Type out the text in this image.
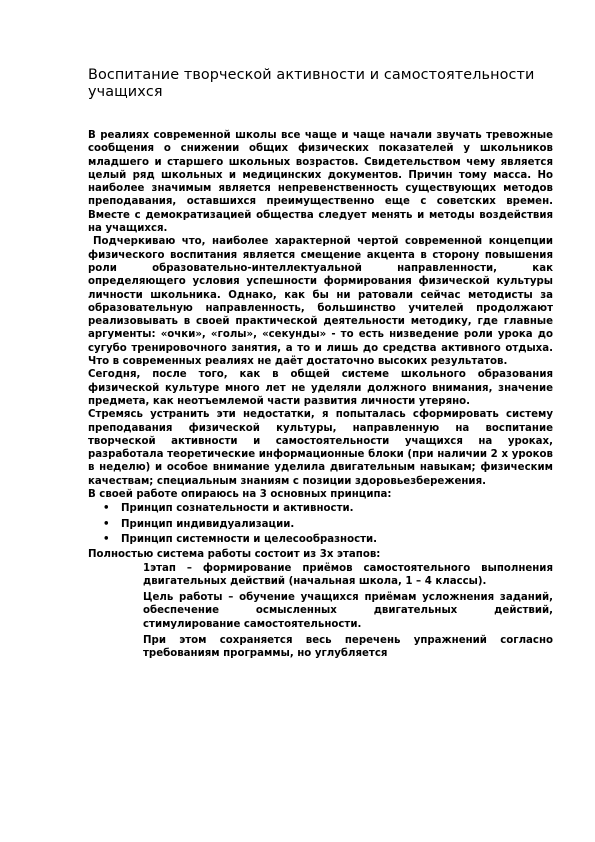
Воспитание творческой активности и самостоятельности учащихся

В реалиях современной школы все чаще и чаще начали звучать тревожные сообщения о снижении общих физических показателей у школьников младшего и старшего школьных возрастов. Свидетельством чему является целый ряд школьных и медицинских документов. Причин тому масса. Но наиболее значимым является непревенственность существующих методов преподавания, оставшихся преимущественно еще с советских времен. Вместе с демократизацией общества следует менять и методы воздействия на учащихся.

Подчеркиваю что, наиболее характерной чертой современной концепции физического воспитания является смещение акцента в сторону повышения роли образовательно-интеллектуальной направленности, как определяющего условия успешности формирования физической культуры личности школьника. Однако, как бы ни ратовали сейчас методисты за образовательную направленность, большинство учителей продолжают реализовывать в своей практической деятельности методику, где главные аргументы: «очки», «голы», «секунды» - то есть низведение роли урока до сугубо тренировочного занятия, а то и лишь до средства активного отдыха. Что в современных реалиях не даёт достаточно высоких результатов.

Сегодня, после того, как в общей системе школьного образования физической культуре много лет не уделяли должного внимания, значение предмета, как неотъемлемой части развития личности утеряно.

Стремясь устранить эти недостатки, я попыталась сформировать систему преподавания физической культуры, направленную на воспитание творческой активности и самостоятельности учащихся на уроках, разработала теоретические информационные блоки (при наличии 2 х уроков в неделю) и особое внимание уделила двигательным навыкам; физическим качествам; специальным знаниям с позиции здоровьезбережения.

В своей работе опираюсь на 3 основных принципа:

• Принцип сознательности и активности.
• Принцип индивидуализации.
• Принцип системности и целесообразности.

Полностью система работы состоит из 3х этапов:

1этап – формирование приёмов самостоятельного выполнения двигательных действий (начальная школа, 1 – 4 классы).

Цель работы – обучение учащихся приёмам усложнения заданий, обеспечение осмысленных двигательных действий, стимулирование самостоятельности.

При этом сохраняется весь перечень упражнений согласно требованиям программы, но углубляется
